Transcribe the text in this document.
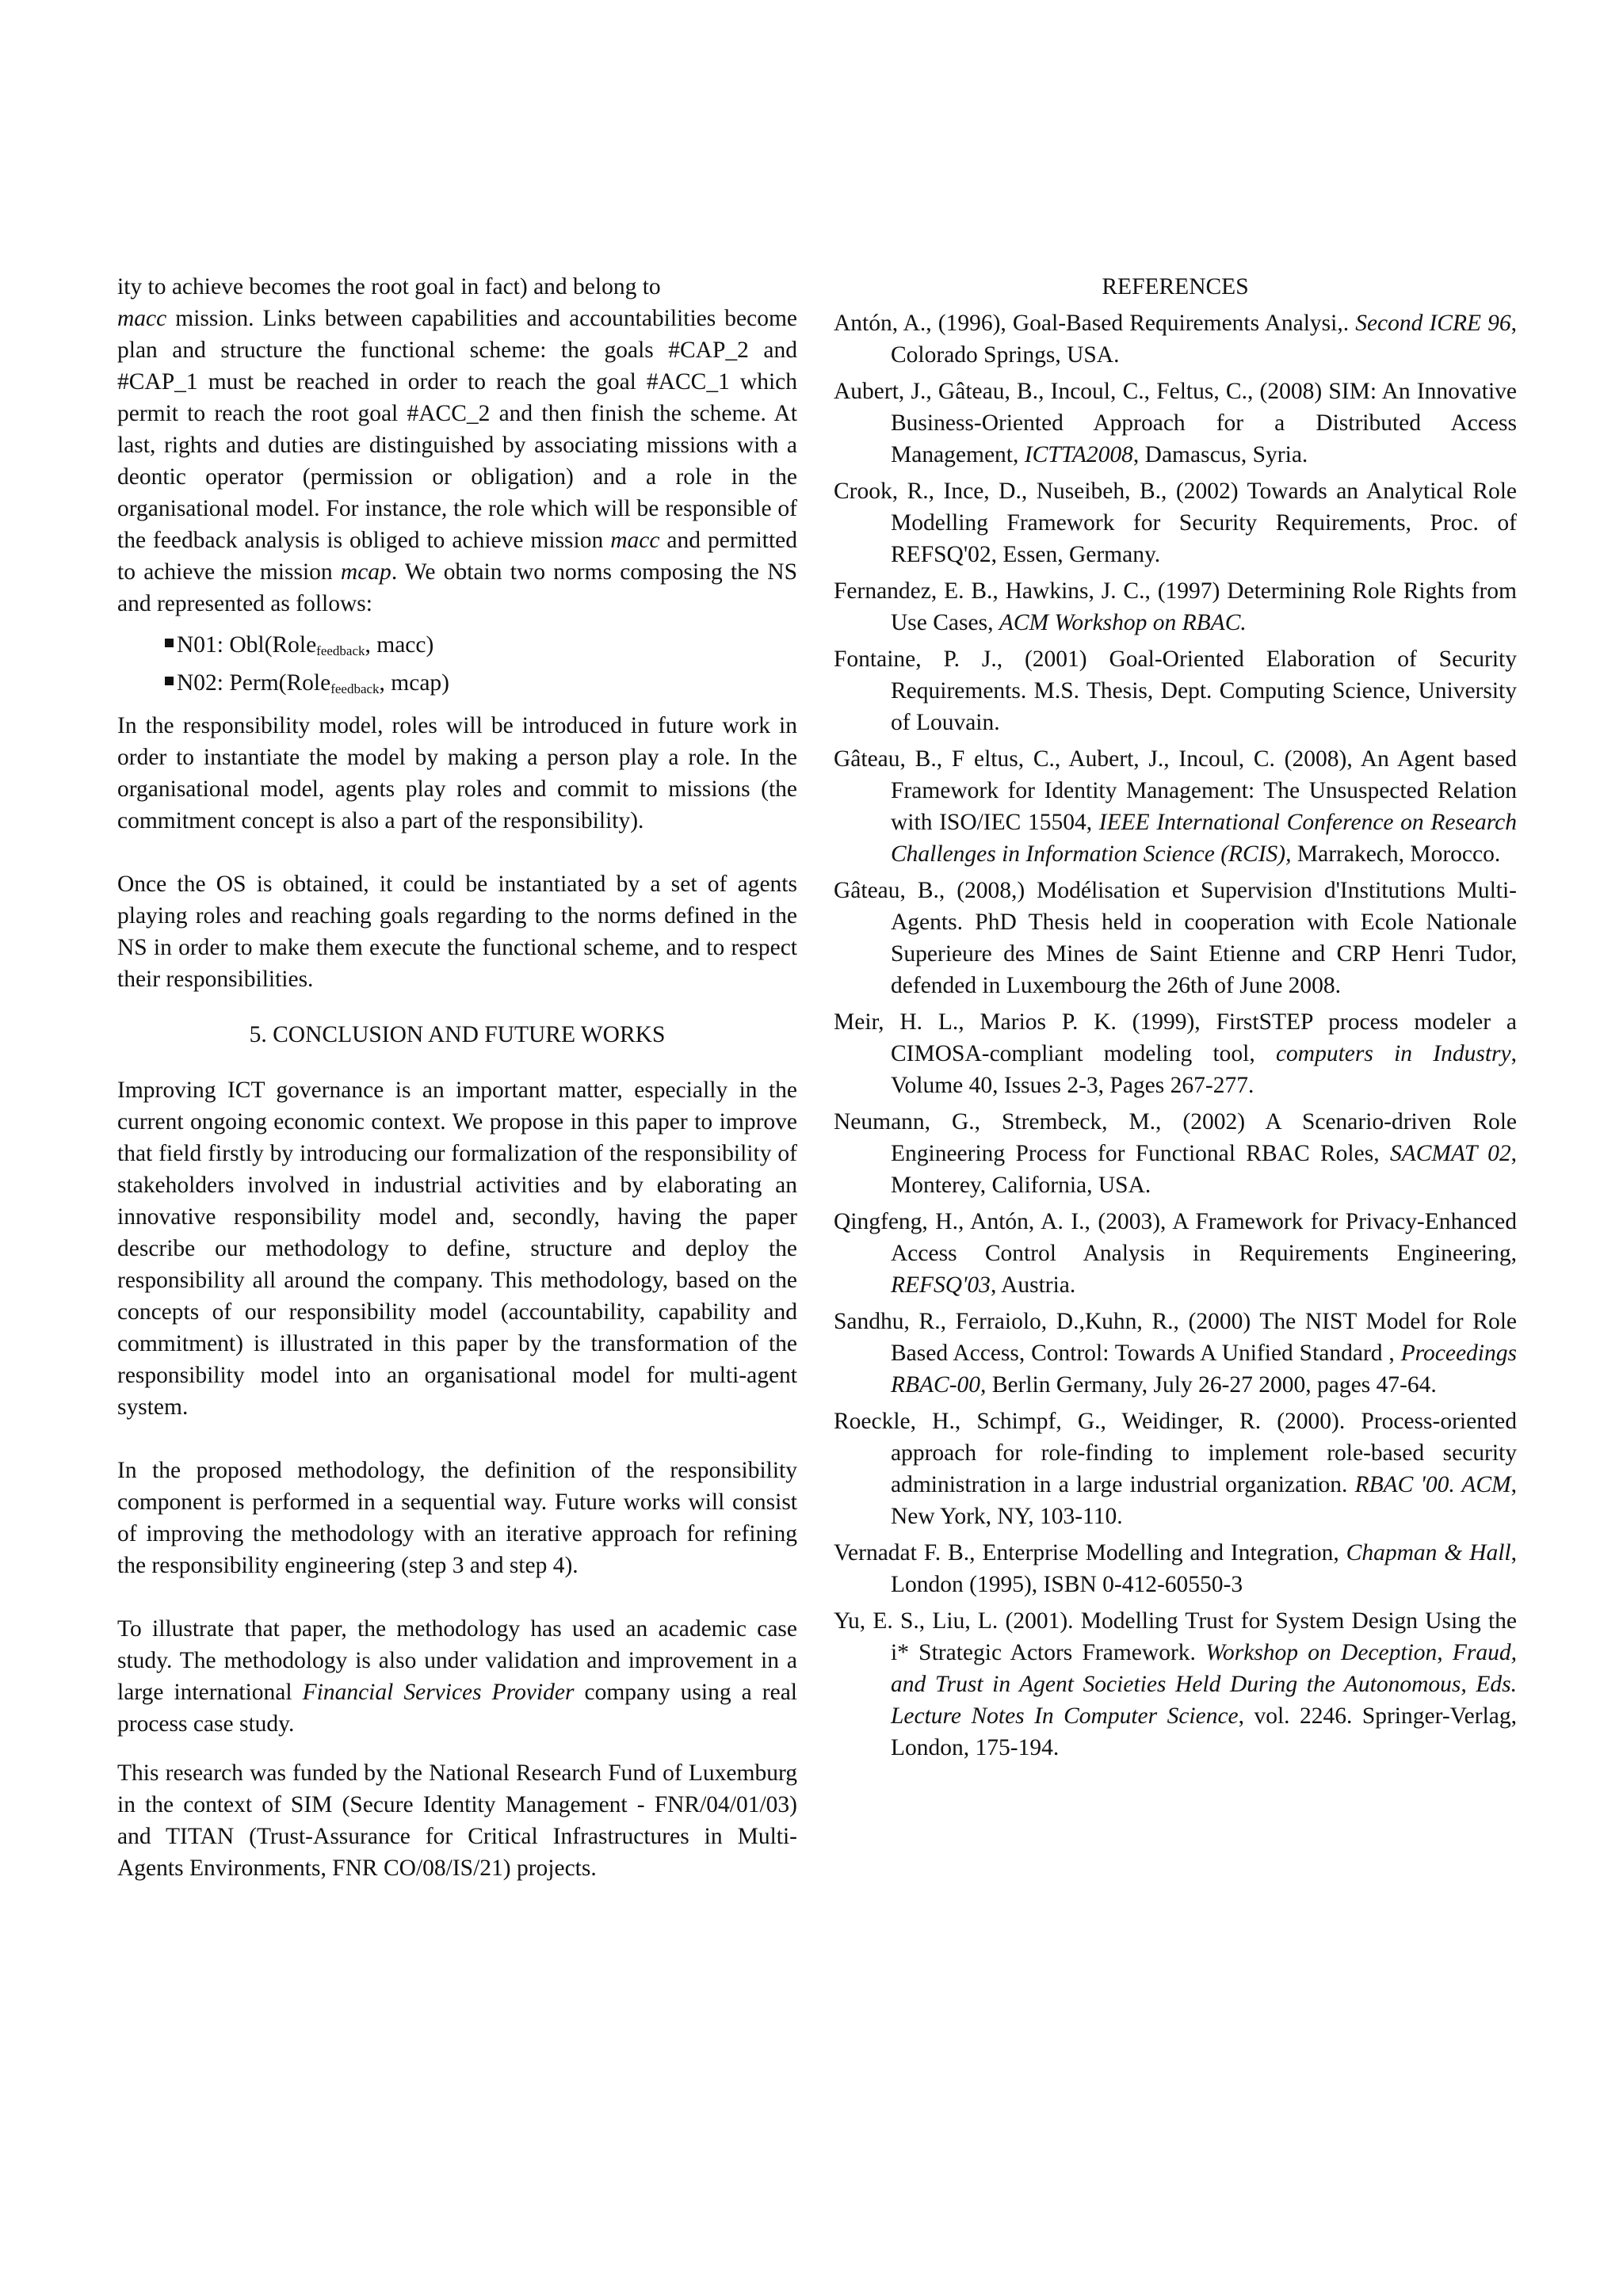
ity to achieve becomes the root goal in fact) and belong to
macc mission. Links between capabilities and accountabilities become plan and structure the functional scheme: the goals #CAP_2 and #CAP_1 must be reached in order to reach the goal #ACC_1 which permit to reach the root goal #ACC_2 and then finish the scheme. At last, rights and duties are distinguished by associating missions with a deontic operator (permission or obligation) and a role in the organisational model. For instance, the role which will be responsible of the feedback analysis is obliged to achieve mission macc and permitted to achieve the mission mcap. We obtain two norms composing the NS and represented as follows:

N01: Obl(Role$_{feedback}$, macc)
N02: Perm(Role$_{feedback}$, mcap)

In the responsibility model, roles will be introduced in future work in order to instantiate the model by making a person play a role. In the organisational model, agents play roles and commit to missions (the commitment concept is also a part of the responsibility).

Once the OS is obtained, it could be instantiated by a set of agents playing roles and reaching goals regarding to the norms defined in the NS in order to make them execute the functional scheme, and to respect their responsibilities.

5. CONCLUSION AND FUTURE WORKS

Improving ICT governance is an important matter, especially in the current ongoing economic context. We propose in this paper to improve that field firstly by introducing our formalization of the responsibility of stakeholders involved in industrial activities and by elaborating an innovative responsibility model and, secondly, having the paper describe our methodology to define, structure and deploy the responsibility all around the company. This methodology, based on the concepts of our responsibility model (accountability, capability and commitment) is illustrated in this paper by the transformation of the responsibility model into an organisational model for multi-agent system.

In the proposed methodology, the definition of the responsibility component is performed in a sequential way. Future works will consist of improving the methodology with an iterative approach for refining the responsibility engineering (step 3 and step 4).

To illustrate that paper, the methodology has used an academic case study. The methodology is also under validation and improvement in a large international Financial Services Provider company using a real process case study.

This research was funded by the National Research Fund of Luxemburg in the context of SIM (Secure Identity Management - FNR/04/01/03) and TITAN (Trust-Assurance for Critical Infrastructures in Multi-Agents Environments, FNR CO/08/IS/21) projects.

REFERENCES

Antón, A., (1996), Goal-Based Requirements Analysi,. Second ICRE 96, Colorado Springs, USA.

Aubert, J., Gâteau, B., Incoul, C., Feltus, C., (2008) SIM: An Innovative Business-Oriented Approach for a Distributed Access Management, ICTTA2008, Damascus, Syria.

Crook, R., Ince, D., Nuseibeh, B., (2002) Towards an Analytical Role Modelling Framework for Security Requirements, Proc. of REFSQ'02, Essen, Germany.

Fernandez, E. B., Hawkins, J. C., (1997) Determining Role Rights from Use Cases, ACM Workshop on RBAC.

Fontaine, P. J., (2001) Goal-Oriented Elaboration of Security Requirements. M.S. Thesis, Dept. Computing Science, University of Louvain.

Gâteau, B., F eltus, C., Aubert, J., Incoul, C. (2008), An Agent based Framework for Identity Management: The Unsuspected Relation with ISO/IEC 15504, IEEE International Conference on Research Challenges in Information Science (RCIS), Marrakech, Morocco.

Gâteau, B., (2008,) Modélisation et Supervision d'Institutions Multi-Agents. PhD Thesis held in cooperation with Ecole Nationale Superieure des Mines de Saint Etienne and CRP Henri Tudor, defended in Luxembourg the 26th of June 2008.

Meir, H. L., Marios P. K. (1999), FirstSTEP process modeler a CIMOSA-compliant modeling tool, computers in Industry, Volume 40, Issues 2-3, Pages 267-277.

Neumann, G., Strembeck, M., (2002) A Scenario-driven Role Engineering Process for Functional RBAC Roles, SACMAT 02, Monterey, California, USA.

Qingfeng, H., Antón, A. I., (2003), A Framework for Privacy-Enhanced Access Control Analysis in Requirements Engineering, REFSQ'03, Austria.

Sandhu, R., Ferraiolo, D.,Kuhn, R., (2000) The NIST Model for Role Based Access, Control: Towards A Unified Standard , Proceedings RBAC-00, Berlin Germany, July 26-27 2000, pages 47-64.

Roeckle, H., Schimpf, G., Weidinger, R. (2000). Process-oriented approach for role-finding to implement role-based security administration in a large industrial organization. RBAC '00. ACM, New York, NY, 103-110.

Vernadat F. B., Enterprise Modelling and Integration, Chapman & Hall, London (1995), ISBN 0-412-60550-3

Yu, E. S., Liu, L. (2001). Modelling Trust for System Design Using the i* Strategic Actors Framework. Workshop on Deception, Fraud, and Trust in Agent Societies Held During the Autonomous, Eds. Lecture Notes In Computer Science, vol. 2246. Springer-Verlag, London, 175-194.
